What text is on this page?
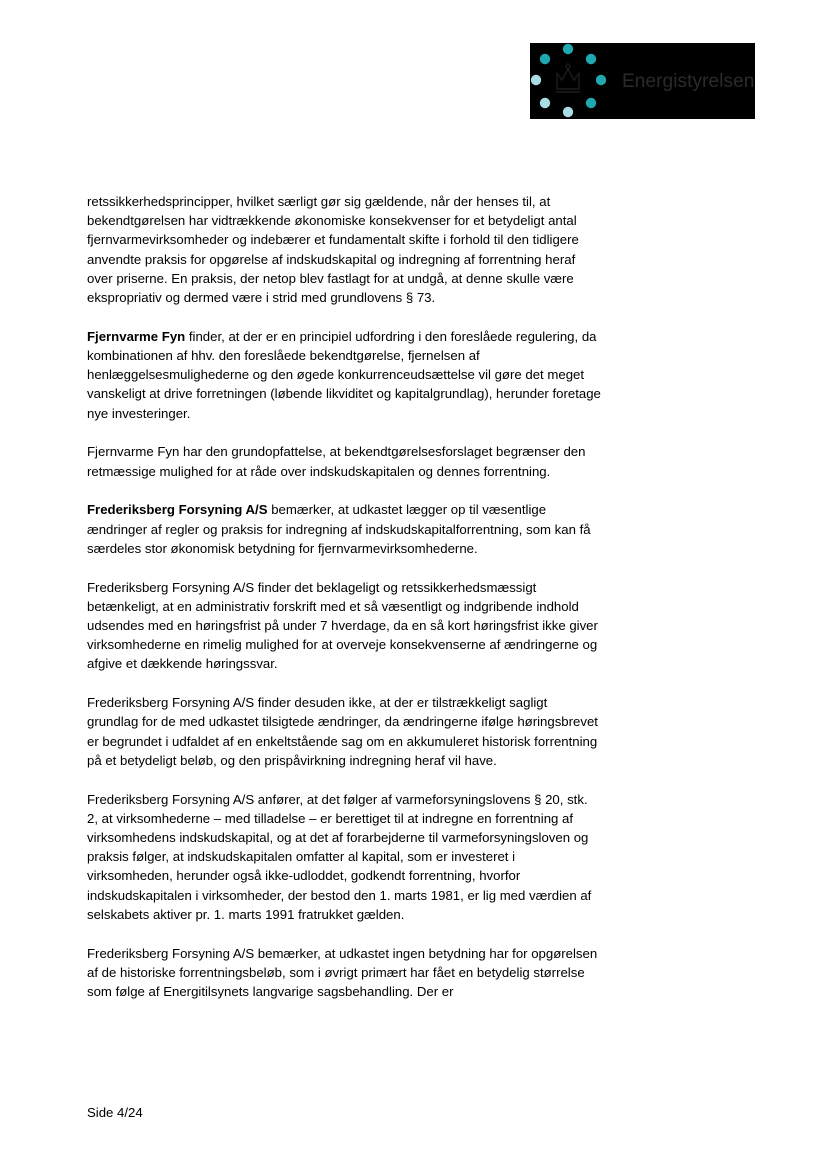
Energistyrelsen

retssikkerhedsprincipper, hvilket særligt gør sig gældende, når der henses til, at bekendtgørelsen har vidtrækkende økonomiske konsekvenser for et betydeligt antal fjernvarmevirksomheder og indebærer et fundamentalt skifte i forhold til den tidligere anvendte praksis for opgørelse af indskudskapital og indregning af forrentning heraf over priserne. En praksis, der netop blev fastlagt for at undgå, at denne skulle være ekspropriativ og dermed være i strid med grundlovens § 73.

Fjernvarme Fyn finder, at der er en principiel udfordring i den foreslåede regulering, da kombinationen af hhv. den foreslåede bekendtgørelse, fjernelsen af henlæggelsesmulighederne og den øgede konkurrenceudsættelse vil gøre det meget vanskeligt at drive forretningen (løbende likviditet og kapitalgrundlag), herunder foretage nye investeringer.

Fjernvarme Fyn har den grundopfattelse, at bekendtgørelsesforslaget begrænser den retmæssige mulighed for at råde over indskudskapitalen og dennes forrentning.

Frederiksberg Forsyning A/S bemærker, at udkastet lægger op til væsentlige ændringer af regler og praksis for indregning af indskudskapitalforrentning, som kan få særdeles stor økonomisk betydning for fjernvarmevirksomhederne.

Frederiksberg Forsyning A/S finder det beklageligt og retssikkerhedsmæssigt betænkeligt, at en administrativ forskrift med et så væsentligt og indgribende indhold udsendes med en høringsfrist på under 7 hverdage, da en så kort høringsfrist ikke giver virksomhederne en rimelig mulighed for at overveje konsekvenserne af ændringerne og afgive et dækkende høringssvar.

Frederiksberg Forsyning A/S finder desuden ikke, at der er tilstrækkeligt sagligt grundlag for de med udkastet tilsigtede ændringer, da ændringerne ifølge høringsbrevet er begrundet i udfaldet af en enkeltstående sag om en akkumuleret historisk forrentning på et betydeligt beløb, og den prispåvirkning indregning heraf vil have.

Frederiksberg Forsyning A/S anfører, at det følger af varmeforsyningslovens § 20, stk. 2, at virksomhederne – med tilladelse – er berettiget til at indregne en forrentning af virksomhedens indskudskapital, og at det af forarbejderne til varmeforsyningsloven og praksis følger, at indskudskapitalen omfatter al kapital, som er investeret i virksomheden, herunder også ikke-udloddet, godkendt forrentning, hvorfor indskudskapitalen i virksomheder, der bestod den 1. marts 1981, er lig med værdien af selskabets aktiver pr. 1. marts 1991 fratrukket gælden.

Frederiksberg Forsyning A/S bemærker, at udkastet ingen betydning har for opgørelsen af de historiske forrentningsbeløb, som i øvrigt primært har fået en betydelig størrelse som følge af Energitilsynets langvarige sagsbehandling. Der er

Side 4/24
